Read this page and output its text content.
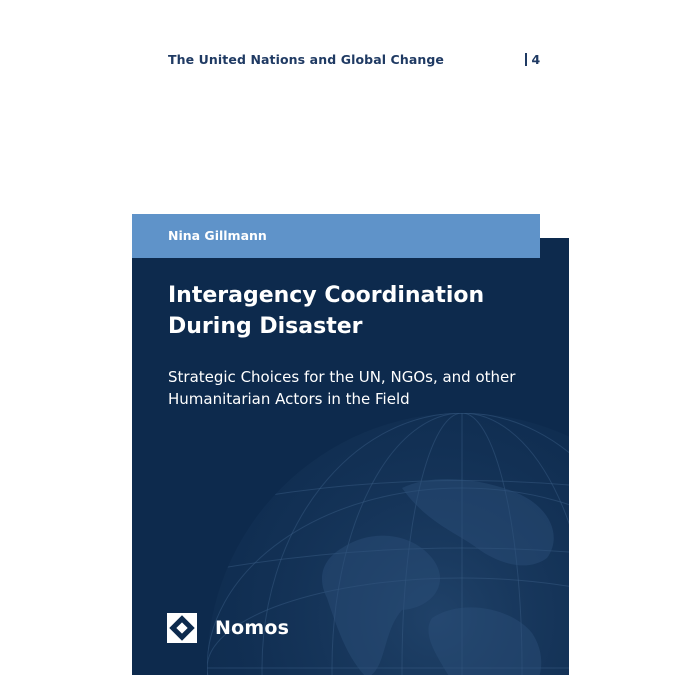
The United Nations and Global Change	4
Nina Gillmann
Interagency Coordination
During Disaster

Strategic Choices for the UN, NGOs, and other
Humanitarian Actors in the Field

Nomos
